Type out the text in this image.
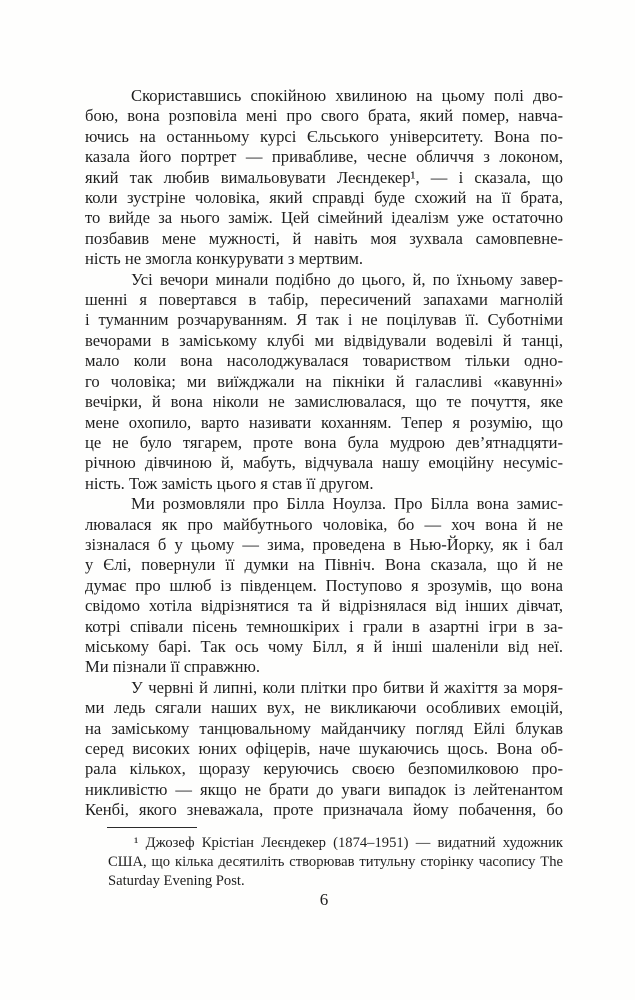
Скориставшись спокійною хвилиною на цьому полі дво-
бою, вона розповіла мені про свого брата, який помер, навча-
ючись на останньому курсі Єльського університету. Вона по-
казала його портрет — привабливе, чесне обличчя з локоном,
який так любив вимальовувати Леєндекер¹, — і сказала, що
коли зустріне чоловіка, який справді буде схожий на її брата,
то вийде за нього заміж. Цей сімейний ідеалізм уже остаточно
позбавив мене мужності, й навіть моя зухвала самовпевне-
ність не змогла конкурувати з мертвим.
Усі вечори минали подібно до цього, й, по їхньому завер-
шенні я повертався в табір, пересичений запахами магнолій
і туманним розчаруванням. Я так і не поцілував її. Суботніми
вечорами в заміському клубі ми відвідували водевілі й танці,
мало коли вона насолоджувалася товариством тільки одно-
го чоловіка; ми виїжджали на пікніки й галасливі «кавунні»
вечірки, й вона ніколи не замислювалася, що те почуття, яке
мене охопило, варто називати коханням. Тепер я розумію, що
це не було тягарем, проте вона була мудрою дев’ятнадцяти-
річною дівчиною й, мабуть, відчувала нашу емоційну несуміс-
ність. Тож замість цього я став її другом.
Ми розмовляли про Білла Ноулза. Про Білла вона замис-
лювалася як про майбутнього чоловіка, бо — хоч вона й не
зізналася б у цьому — зима, проведена в Нью-Йорку, як і бал
у Єлі, повернули її думки на Північ. Вона сказала, що й не
думає про шлюб із південцем. Поступово я зрозумів, що вона
свідомо хотіла відрізнятися та й відрізнялася від інших дівчат,
котрі співали пісень темношкірих і грали в азартні ігри в за-
міському барі. Так ось чому Білл, я й інші шаленіли від неї.
Ми пізнали її справжню.
У червні й липні, коли плітки про битви й жахіття за моря-
ми ледь сягали наших вух, не викликаючи особливих емоцій,
на заміському танцювальному майданчику погляд Ейлі блукав
серед високих юних офіцерів, наче шукаючись щось. Вона об-
рала кількох, щоразу керуючись своєю безпомилковою про-
никливістю — якщо не брати до уваги випадок із лейтенантом
Кенбі, якого зневажала, проте призначала йому побачення, бо
¹ Джозеф Крістіан Леєндекер (1874–1951) — видатний художник
США, що кілька десятиліть створював титульну сторінку часопису The
Saturday Evening Post.
6
